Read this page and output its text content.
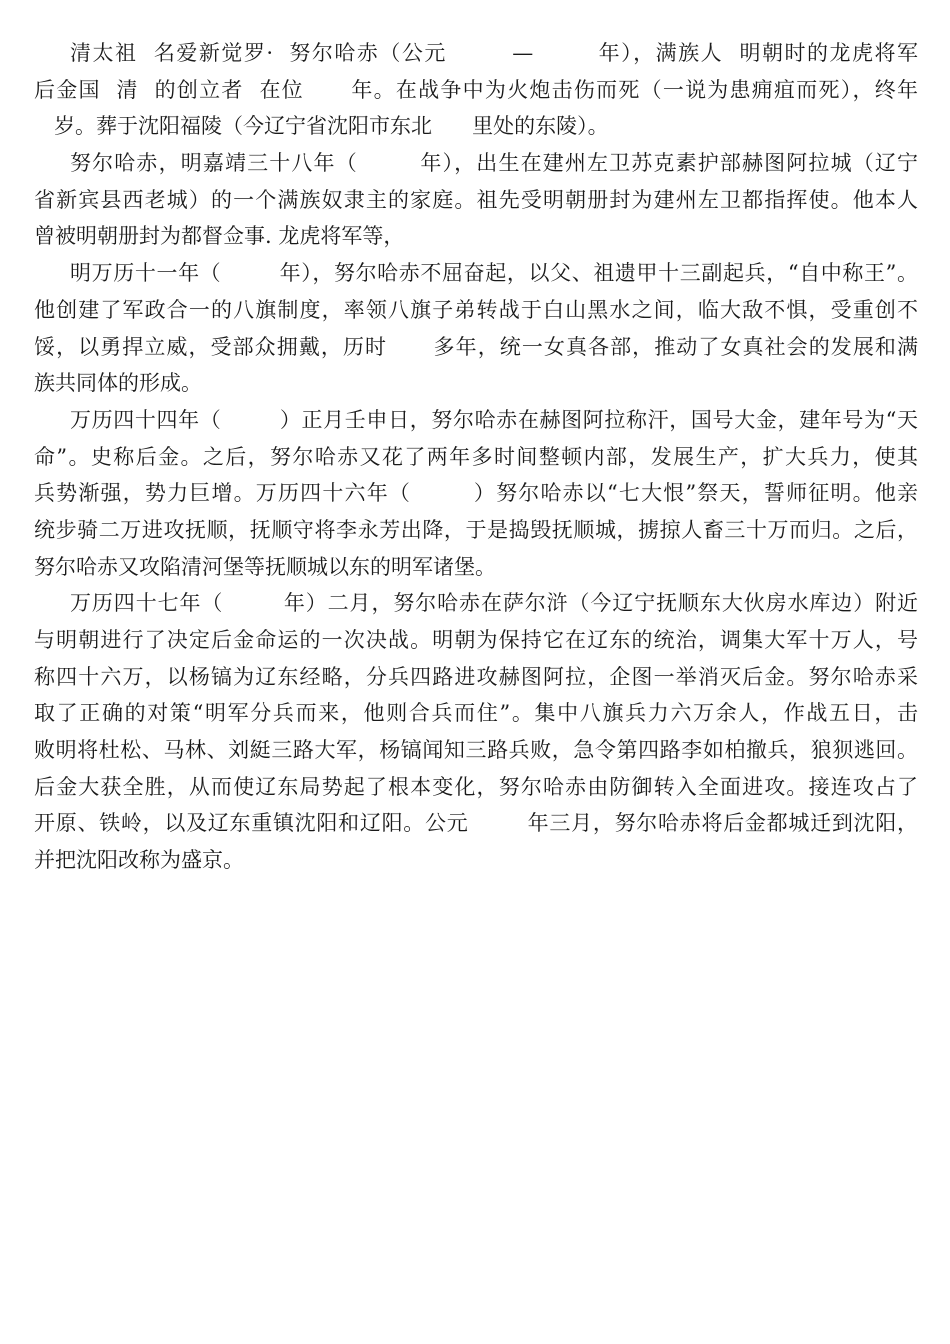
清太祖  名爱新觉罗·  努尔哈赤（公元        —        年），满族人  明朝时的龙虎将军
后金国  清  的创立者  在位      年。在战争中为火炮击伤而死（一说为患痈疽而死），终年
岁。葬于沈阳福陵（今辽宁省沈阳市东北      里处的东陵）。
努尔哈赤，明嘉靖三十八年（        年），出生在建州左卫苏克素护部赫图阿拉城（辽宁
省新宾县西老城）的一个满族奴隶主的家庭。祖先受明朝册封为建州左卫都指挥使。他本人
曾被明朝册封为都督佥事. 龙虎将军等，
明万历十一年（        年），努尔哈赤不屈奋起，以父、祖遗甲十三副起兵，“自中称王”。
他创建了军政合一的八旗制度，率领八旗子弟转战于白山黑水之间，临大敌不惧，受重创不
馁，以勇捍立威，受部众拥戴，历时      多年，统一女真各部，推动了女真社会的发展和满
族共同体的形成。
万历四十四年（        ）正月壬申日，努尔哈赤在赫图阿拉称汗，国号大金，建年号为“天
命”。史称后金。之后，努尔哈赤又花了两年多时间整顿内部，发展生产，扩大兵力，使其
兵势渐强，势力巨增。万历四十六年（        ）努尔哈赤以“七大恨”祭天，誓师征明。他亲
统步骑二万进攻抚顺，抚顺守将李永芳出降，于是捣毁抚顺城，掳掠人畜三十万而归。之后，
努尔哈赤又攻陷清河堡等抚顺城以东的明军诸堡。
万历四十七年（        年）二月，努尔哈赤在萨尔浒（今辽宁抚顺东大伙房水库边）附近
与明朝进行了决定后金命运的一次决战。明朝为保持它在辽东的统治，调集大军十万人，号
称四十六万，以杨镐为辽东经略，分兵四路进攻赫图阿拉，企图一举消灭后金。努尔哈赤采
取了正确的对策“明军分兵而来，他则合兵而住”。集中八旗兵力六万余人，作战五日，击
败明将杜松、马林、刘綎三路大军，杨镐闻知三路兵败，急令第四路李如柏撤兵，狼狈逃回。
后金大获全胜，从而使辽东局势起了根本变化，努尔哈赤由防御转入全面进攻。接连攻占了
开原、铁岭，以及辽东重镇沈阳和辽阳。公元        年三月，努尔哈赤将后金都城迁到沈阳，
并把沈阳改称为盛京。
